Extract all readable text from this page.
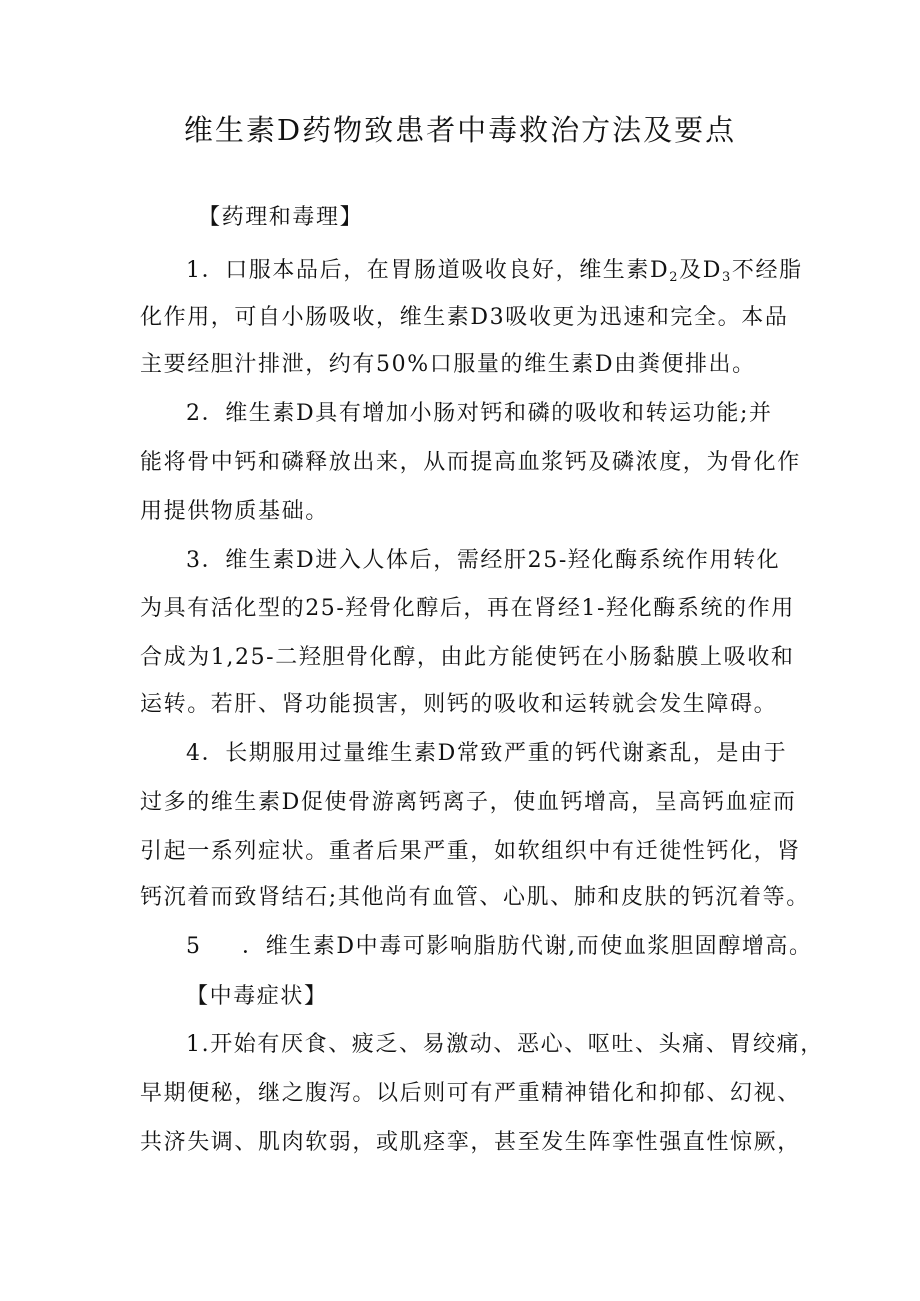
维生素D药物致患者中毒救治方法及要点
【药理和毒理】
1．口服本品后，在胃肠道吸收良好，维生素$D_2$及$D_3$不经脂
化作用，可自小肠吸收，维生素D3吸收更为迅速和完全。本品
主要经胆汁排泄，约有50%口服量的维生素D由粪便排出。
2．维生素D具有增加小肠对钙和磷的吸收和转运功能;并
能将骨中钙和磷释放出来，从而提高血浆钙及磷浓度，为骨化作
用提供物质基础。
3．维生素D进入人体后，需经肝25-羟化酶系统作用转化
为具有活化型的25-羟骨化醇后，再在肾经1-羟化酶系统的作用
合成为1,25-二羟胆骨化醇，由此方能使钙在小肠黏膜上吸收和
运转。若肝、肾功能损害，则钙的吸收和运转就会发生障碍。
4．长期服用过量维生素D常致严重的钙代谢紊乱，是由于
过多的维生素D促使骨游离钙离子，使血钙增高，呈高钙血症而
引起一系列症状。重者后果严重，如软组织中有迁徙性钙化，肾
钙沉着而致肾结石;其他尚有血管、心肌、肺和皮肤的钙沉着等。
5 ．维生素D中毒可影响脂肪代谢,而使血浆胆固醇增高。
【中毒症状】
1.开始有厌食、疲乏、易激动、恶心、呕吐、头痛、胃绞痛，
早期便秘，继之腹泻。以后则可有严重精神错化和抑郁、幻视、
共济失调、肌肉软弱，或肌痉挛，甚至发生阵挛性强直性惊厥，
